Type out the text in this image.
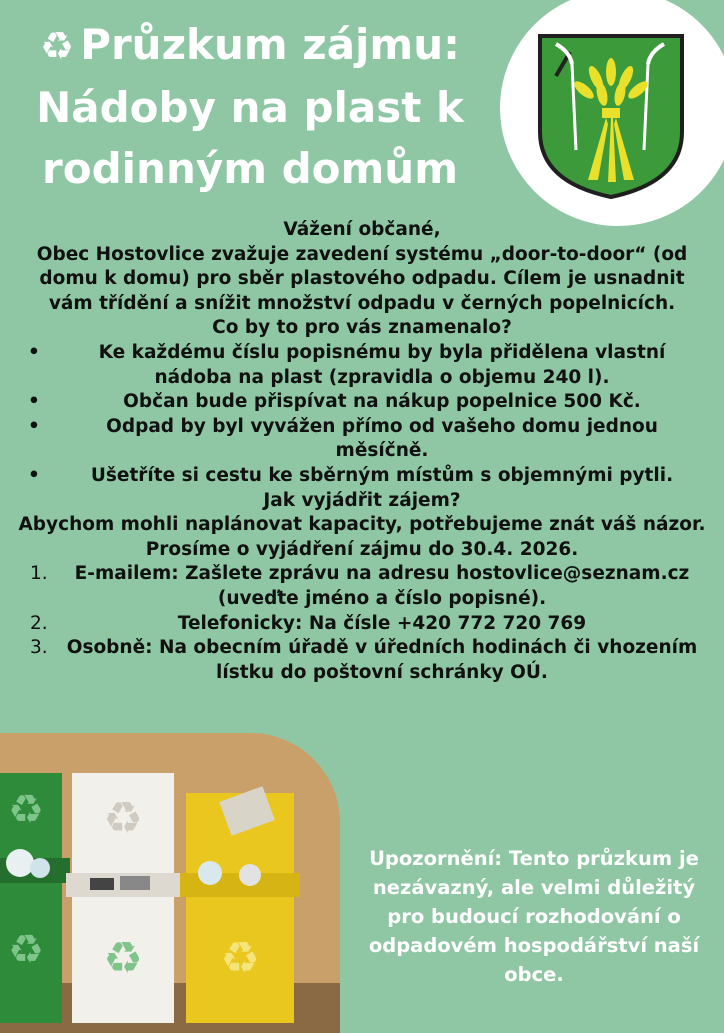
♻ Průzkum zájmu:
Nádoby na plast k
rodinným domům

Vážení občané,

Obec Hostovlice zvažuje zavedení systému „door-to-door“ (od domu k domu) pro sběr plastového odpadu. Cílem je usnadnit vám třídění a snížit množství odpadu v černých popelnicích.

Co by to pro vás znamenalo?

•	Ke každému číslu popisnému by byla přidělena vlastní nádoba na plast (zpravidla o objemu 240 l).
•	Občan bude přispívat na nákup popelnice 500 Kč.
•	Odpad by byl vyvážen přímo od vašeho domu jednou měsíčně.
•	Ušetříte si cestu ke sběrným místům s objemnými pytli.

Jak vyjádřit zájem?

Abychom mohli naplánovat kapacity, potřebujeme znát váš názor. Prosíme o vyjádření zájmu do 30.4. 2026.

1. E-mailem: Zašlete zprávu na adresu hostovlice@seznam.cz (uveďte jméno a číslo popisné).
2.	Telefonicky: Na čísle +420 772 720 769
3. Osobně: Na obecním úřadě v úředních hodinách či vhozením lístku do poštovní schránky OÚ.
♻
♻
♻
♻ ♻
Upozornění: Tento průzkum je nezávazný, ale velmi důležitý pro budoucí rozhodování o odpadovém hospodářství naší obce.
